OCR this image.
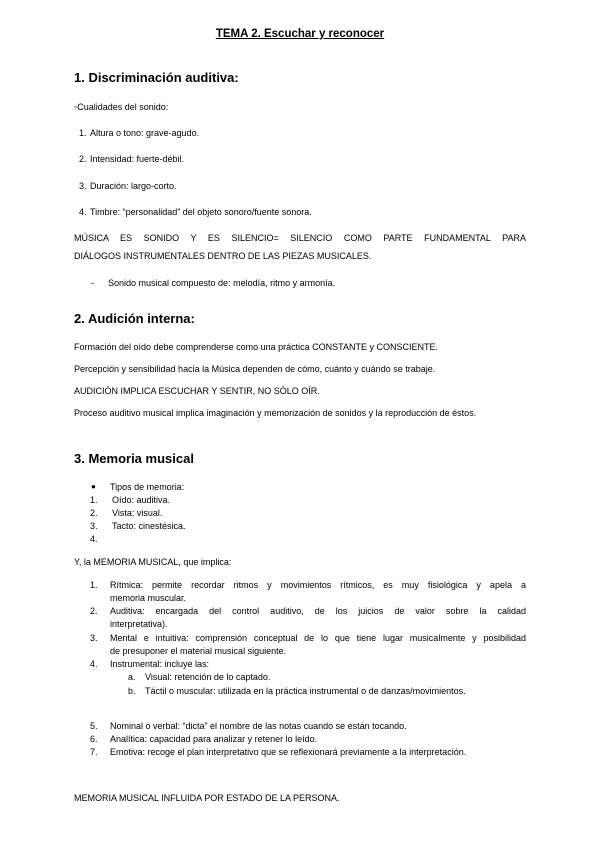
TEMA 2. Escuchar y reconocer
1. Discriminación auditiva:
◦Cualidades del sonido:
1. Altura o tono: grave-agudo.
2. Intensidad: fuerte-débil.
3. Duración: largo-corto.
4. Timbre: “personalidad” del objeto sonoro/fuente sonora.
MÚSICA ES SONIDO Y ES SILENCIO= SILENCIO COMO PARTE FUNDAMENTAL PARA
DIÁLOGOS INSTRUMENTALES DENTRO DE LAS PIEZAS MUSICALES.
- Sonido musical compuesto de: melodía, ritmo y armonía.
2. Audición interna:
Formación del oído debe comprenderse como una práctica CONSTANTE y CONSCIENTE.
Percepción y sensibilidad hacia la Música dependen de cómo, cuánto y cuándo se trabaje.
AUDICIÓN IMPLICA ESCUCHAR Y SENTIR, NO SÓLO OÍR.
Proceso auditivo musical implica imaginación y memorización de sonidos y la reproducción de éstos.
3. Memoria musical
● Tipos de memoria:
1. Oído: auditiva.
2. Vista: visual.
3. Tacto: cinestésica.
4.
Y, la MEMORIA MUSICAL, que implica:
1. Rítmica: permite recordar ritmos y movimientos rítmicos, es muy fisiológica y apela a
memoria muscular.
2. Auditiva: encargada del control auditivo, de los juicios de valor sobre la calidad
interpretativa).
3. Mental e intuitiva: comprensión conceptual de lo que tiene lugar musicalmente y posibilidad
de presuponer el material musical siguiente.
4. Instrumental: incluye las:
a. Visual: retención de lo captado.
b. Táctil o muscular: utilizada en la práctica instrumental o de danzas/movimientos.
5. Nominal o verbal: “dicta” el nombre de las notas cuando se están tocando.
6. Analítica: capacidad para analizar y retener lo leído.
7. Emotiva: recoge el plan interpretativo que se reflexionará previamente a la interpretación.
MEMORIA MUSICAL INFLUIDA POR ESTADO DE LA PERSONA.
